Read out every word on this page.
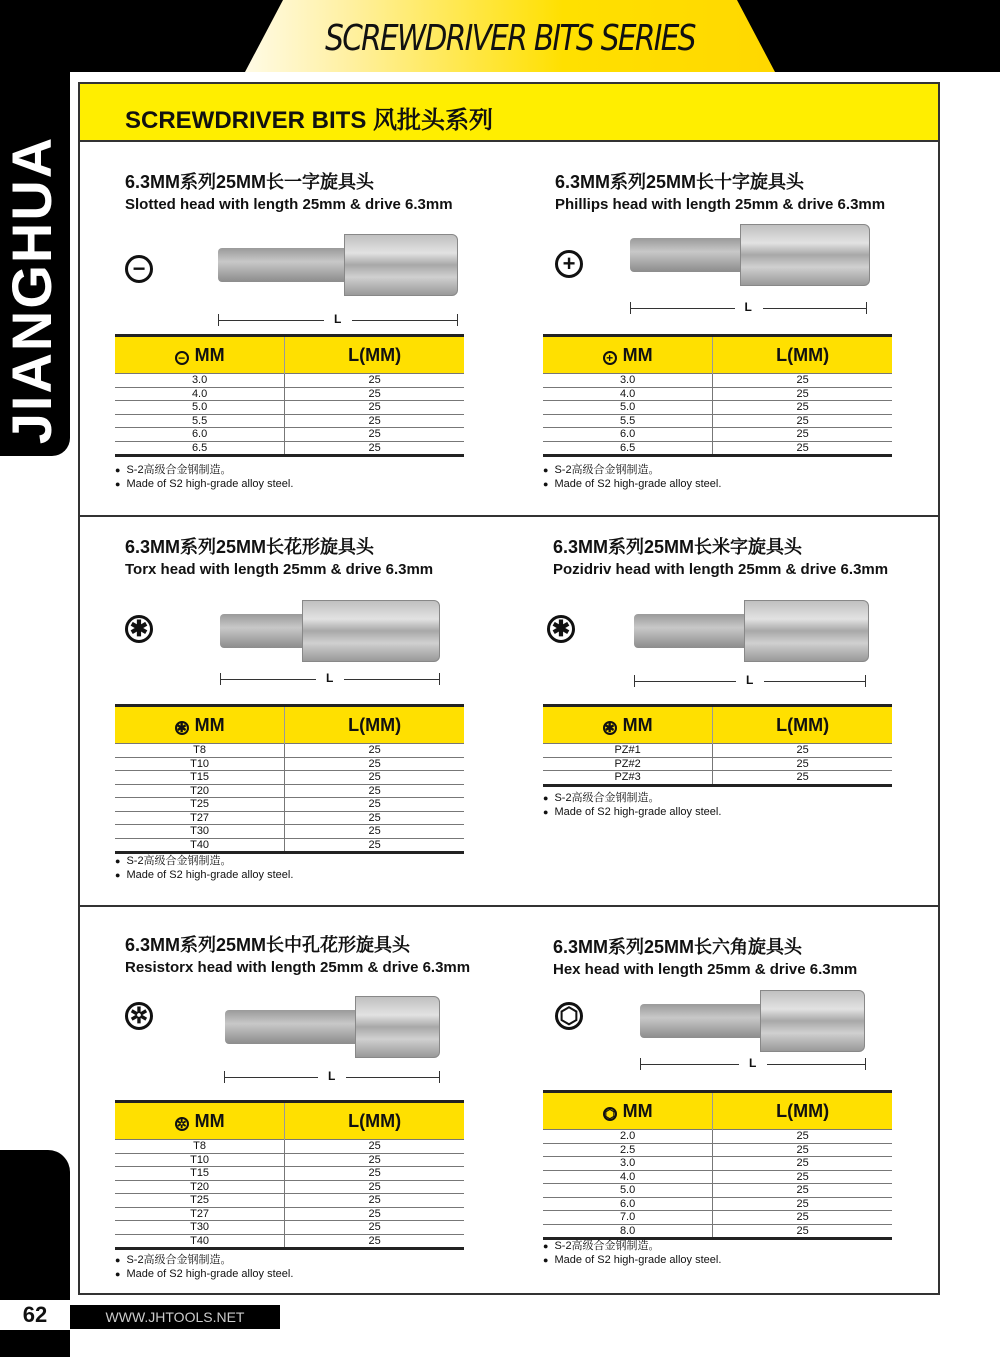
SCREWDRIVER BITS SERIES
JIANGHUA
62	WWW.JHTOOLS.NET
SCREWDRIVER BITS 风批头系列
6.3MM系列25MM长一字旋具头
Slotted head with length 25mm & drive 6.3mm
−
L
− MM	L(MM)
3.0	25
4.0	25
5.0	25
5.5	25
6.0	25
6.5	25
● S-2高级合金钢制造。
● Made of S2 high-grade alloy steel.
6.3MM系列25MM长十字旋具头
Phillips head with length 25mm & drive 6.3mm
+
L
+ MM	L(MM)
3.0	25
4.0	25
5.0	25
5.5	25
6.0	25
6.5	25
● S-2高级合金钢制造。
● Made of S2 high-grade alloy steel.
6.3MM系列25MM长花形旋具头
Torx head with length 25mm & drive 6.3mm
✱
L
✱ MM	L(MM)
T8	25
T10	25
T15	25
T20	25
T25	25
T27	25
T30	25
T40	25
● S-2高级合金钢制造。
● Made of S2 high-grade alloy steel.
6.3MM系列25MM长米字旋具头
Pozidriv head with length 25mm & drive 6.3mm
✱
L
✱ MM	L(MM)
PZ#1	25
PZ#2	25
PZ#3	25
● S-2高级合金钢制造。
● Made of S2 high-grade alloy steel.
6.3MM系列25MM长中孔花形旋具头
Resistorx head with length 25mm & drive 6.3mm
✲
L
✲ MM	L(MM)
T8	25
T10	25
T15	25
T20	25
T25	25
T27	25
T30	25
T40	25
● S-2高级合金钢制造。
● Made of S2 high-grade alloy steel.
6.3MM系列25MM长六角旋具头
Hex head with length 25mm & drive 6.3mm
⬡
L
⬡ MM	L(MM)
2.0	25
2.5	25
3.0	25
4.0	25
5.0	25
6.0	25
7.0	25
8.0	25
● S-2高级合金钢制造。
● Made of S2 high-grade alloy steel.
